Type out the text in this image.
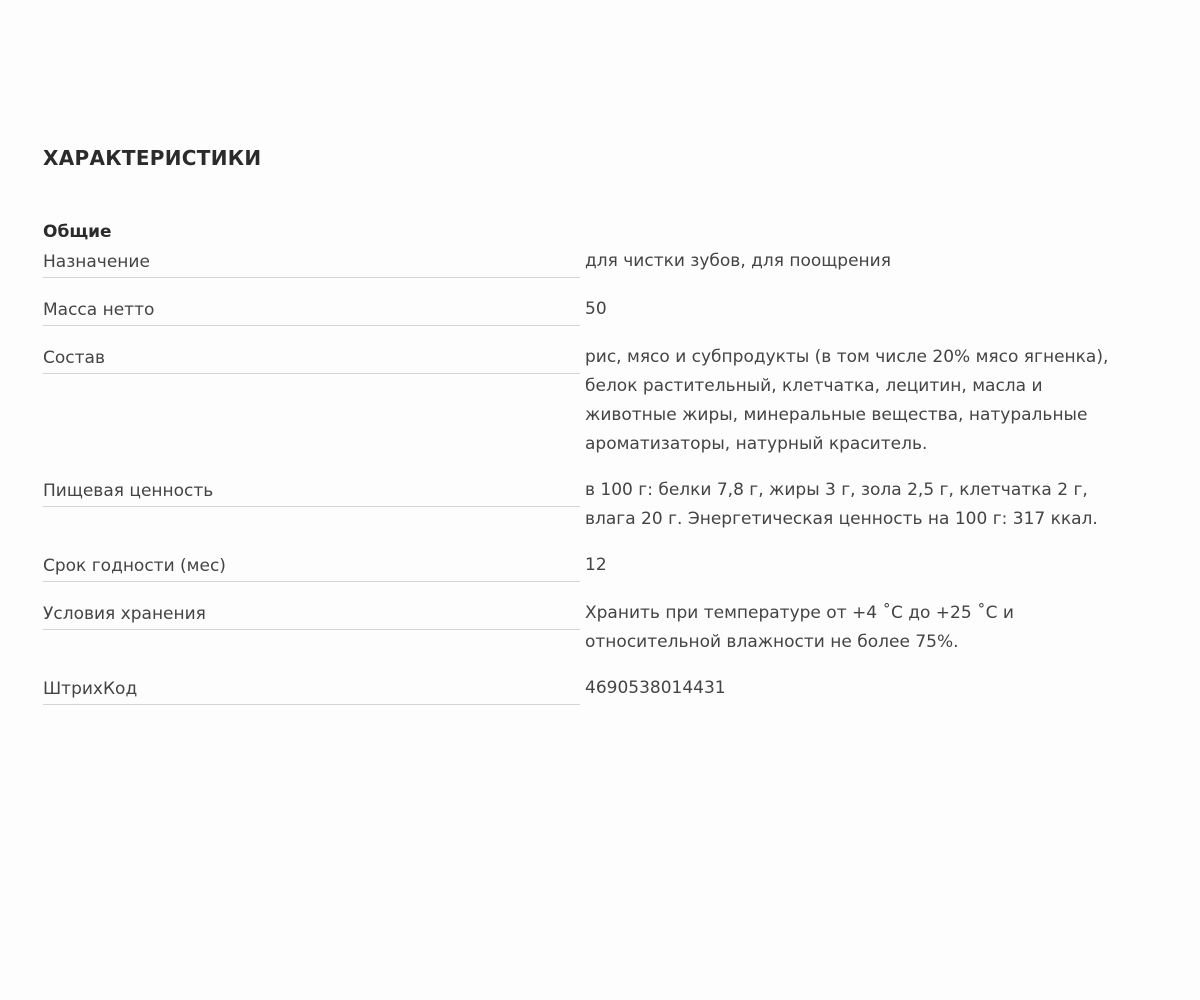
ХАРАКТЕРИСТИКИ
Общие
Назначение	для чистки зубов, для поощрения
Масса нетто	50
Состав	рис, мясо и субпродукты (в том числе 20% мясо ягненка), белок растительный, клетчатка, лецитин, масла и животные жиры, минеральные вещества, натуральные ароматизаторы, натурный краситель.
Пищевая ценность	в 100 г: белки 7,8 г, жиры 3 г, зола 2,5 г, клетчатка 2 г, влага 20 г. Энергетическая ценность на 100 г: 317 ккал.
Срок годности (мес)	12
Условия хранения	Хранить при температуре от +4 ˚С до +25 ˚С и относительной влажности не более 75%.
ШтрихКод	4690538014431
